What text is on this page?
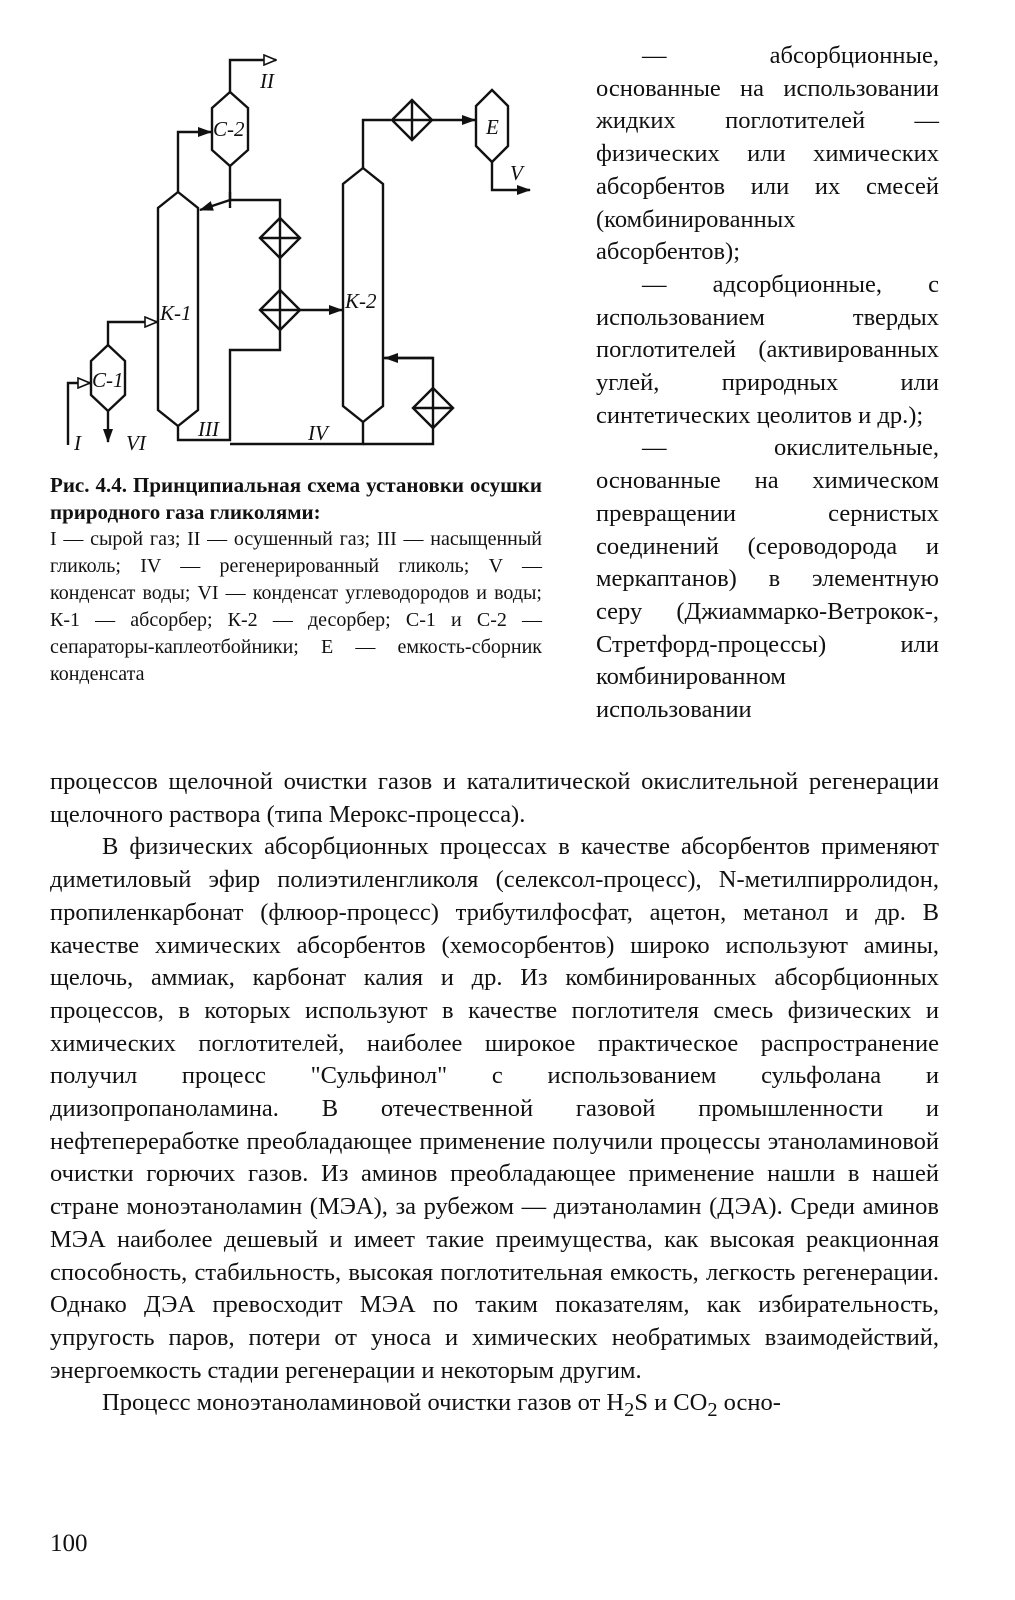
C-1
C-2
K-1	K-2
E
I
II
III	IV
V
VI
Рис. 4.4. Принципиальная схема установки осушки природного газа гликолями:
I — сырой газ; II — осушенный газ; III — насыщенный гликоль; IV — регенерированный гликоль; V — конденсат воды; VI — конденсат углеводородов и воды; К-1 — абсорбер; К-2 — десорбер; С-1 и С-2 — сепараторы-каплеотбойники; E — емкость-сборник конденсата

— абсорбционные, основанные на использовании жидких поглотителей — физических или химических абсорбентов или их смесей (комбинированных абсорбентов);

— адсорбционные, с использованием твердых поглотителей (активированных углей, природных или синтетических цеолитов и др.);

— окислительные, основанные на химическом превращении сернистых соединений (сероводорода и меркаптанов) в элементную серу (Джиаммарко-Ветрокок-, Стретфорд-процессы) или комбинированном использовании

процессов щелочной очистки газов и каталитической окислительной регенерации щелочного раствора (типа Мерокс-процесса).

В физических абсорбционных процессах в качестве абсорбентов применяют диметиловый эфир полиэтиленгликоля (селексол-процесс), N-метилпирролидон, пропиленкарбонат (флюор-процесс) трибутилфосфат, ацетон, метанол и др. В качестве химических абсорбентов (хемосорбентов) широко используют амины, щелочь, аммиак, карбонат калия и др. Из комбинированных абсорбционных процессов, в которых используют в качестве поглотителя смесь физических и химических поглотителей, наиболее широкое практическое распространение получил процесс "Сульфинол" с использованием сульфолана и диизопропаноламина. В отечественной газовой промышленности и нефтепереработке преобладающее применение получили процессы этаноламиновой очистки горючих газов. Из аминов преобладающее применение нашли в нашей стране моноэтаноламин (МЭА), за рубежом — диэтаноламин (ДЭА). Среди аминов МЭА наиболее дешевый и имеет такие преимущества, как высокая реакционная способность, стабильность, высокая поглотительная емкость, легкость регенерации. Однако ДЭА превосходит МЭА по таким показателям, как избирательность, упругость паров, потери от уноса и химических необратимых взаимодействий, энергоемкость стадии регенерации и некоторым другим.

Процесс моноэтаноламиновой очистки газов от $H_2S$ и $CO_2$ осно-

100
